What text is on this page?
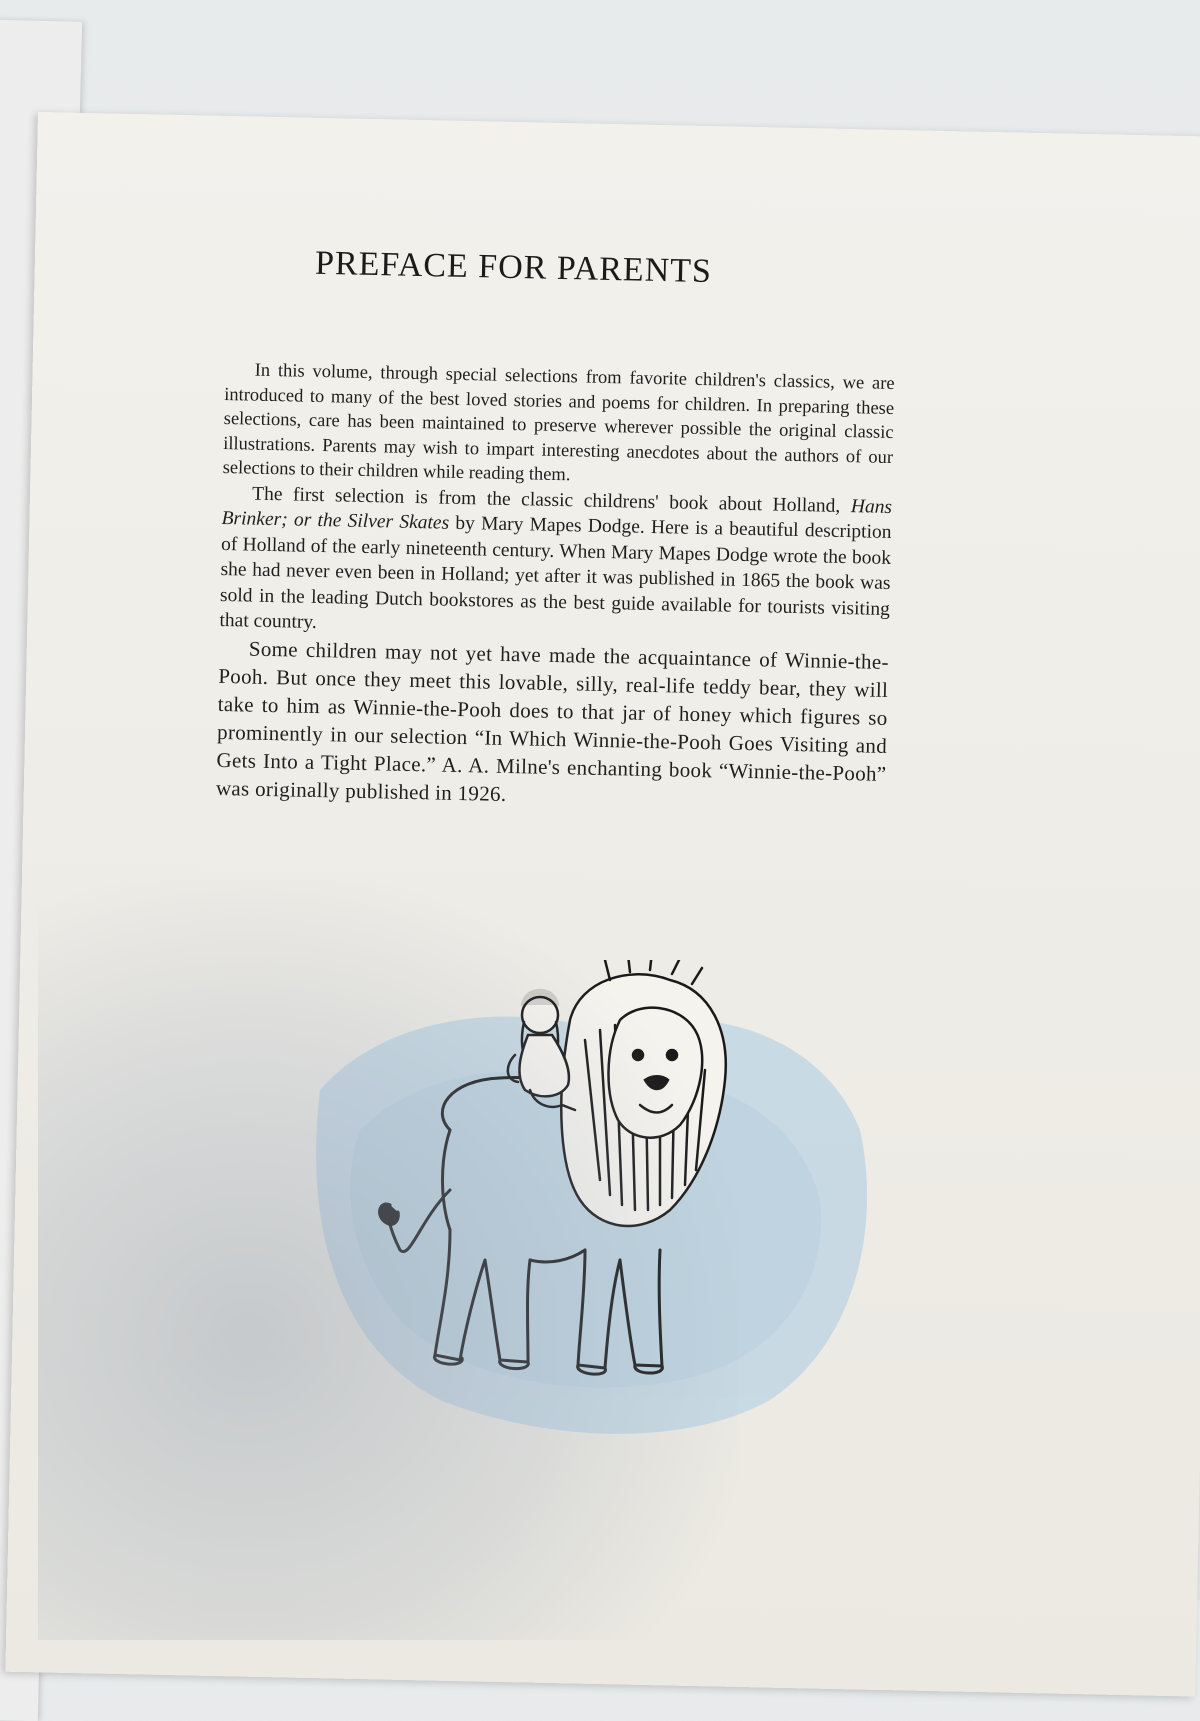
PREFACE FOR PARENTS

In this volume, through special selections from favorite children's classics, we are introduced to many of the best loved stories and poems for children. In preparing these selections, care has been maintained to preserve wherever possible the original classic illustrations. Parents may wish to impart interesting anecdotes about the authors of our selections to their children while reading them.

The first selection is from the classic childrens' book about Holland, Hans Brinker; or the Silver Skates by Mary Mapes Dodge. Here is a beautiful description of Holland of the early nineteenth century. When Mary Mapes Dodge wrote the book she had never even been in Holland; yet after it was published in 1865 the book was sold in the leading Dutch bookstores as the best guide available for tourists visiting that country.

Some children may not yet have made the acquaintance of Winnie-the-Pooh. But once they meet this lovable, silly, real-life teddy bear, they will take to him as Winnie-the-Pooh does to that jar of honey which figures so prominently in our selection “In Which Winnie-the-Pooh Goes Visiting and Gets Into a Tight Place.” A. A. Milne's enchanting book “Winnie-the-Pooh” was originally published in 1926.
